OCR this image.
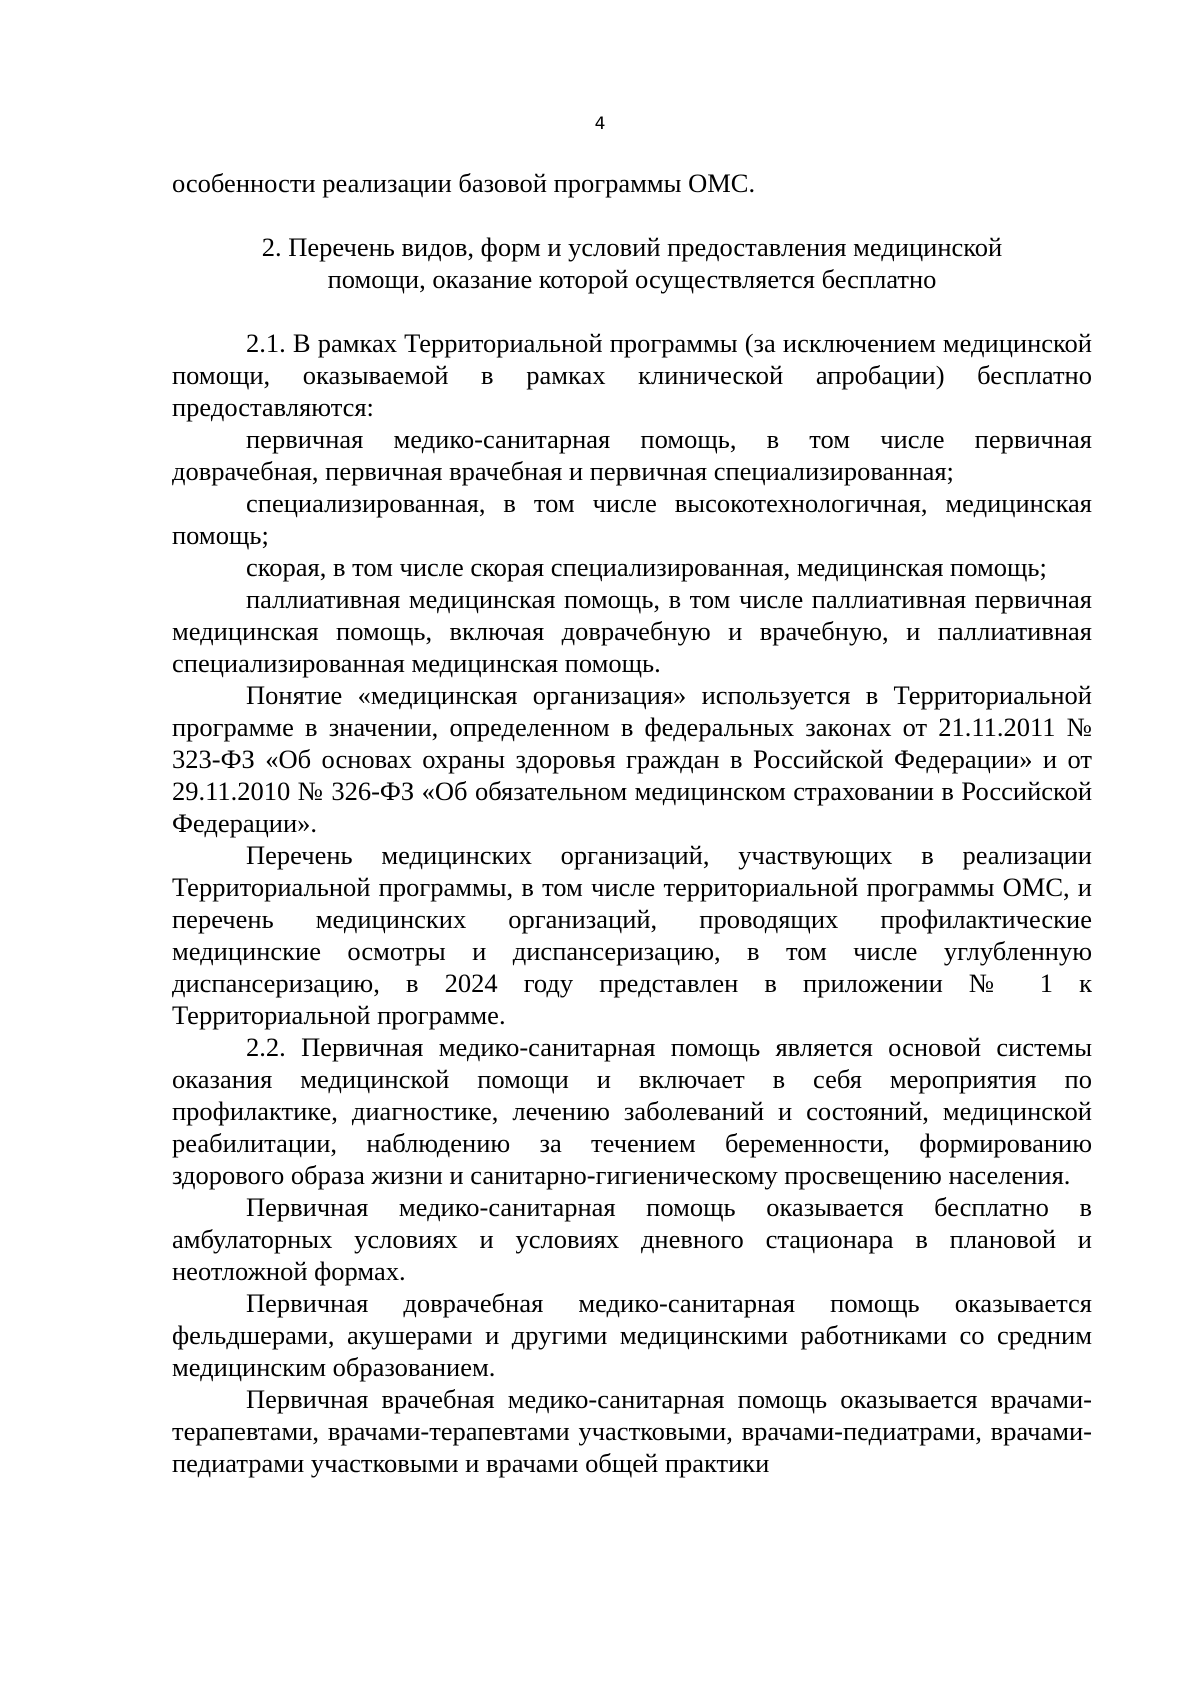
4

особенности реализации базовой программы ОМС.

2. Перечень видов, форм и условий предоставления медицинской помощи, оказание которой осуществляется бесплатно

2.1. В рамках Территориальной программы (за исключением медицинской помощи, оказываемой в рамках клинической апробации) бесплатно предоставляются:

первичная медико-санитарная помощь, в том числе первичная доврачебная, первичная врачебная и первичная специализированная;

специализированная, в том числе высокотехнологичная, медицинская помощь;

скорая, в том числе скорая специализированная, медицинская помощь;

паллиативная медицинская помощь, в том числе паллиативная первичная медицинская помощь, включая доврачебную и врачебную, и паллиативная специализированная медицинская помощь.

Понятие «медицинская организация» используется в Территориальной программе в значении, определенном в федеральных законах от 21.11.2011 № 323-ФЗ «Об основах охраны здоровья граждан в Российской Федерации» и от 29.11.2010 № 326-ФЗ «Об обязательном медицинском страховании в Российской Федерации».

Перечень медицинских организаций, участвующих в реализации Территориальной программы, в том числе территориальной программы ОМС, и перечень медицинских организаций, проводящих профилактические медицинские осмотры и диспансеризацию, в том числе углубленную диспансеризацию, в 2024 году представлен в приложении № 1 к Территориальной программе.

2.2. Первичная медико-санитарная помощь является основой системы оказания медицинской помощи и включает в себя мероприятия по профилактике, диагностике, лечению заболеваний и состояний, медицинской реабилитации, наблюдению за течением беременности, формированию здорового образа жизни и санитарно-гигиеническому просвещению населения.

Первичная медико-санитарная помощь оказывается бесплатно в амбулаторных условиях и условиях дневного стационара в плановой и неотложной формах.

Первичная доврачебная медико-санитарная помощь оказывается фельдшерами, акушерами и другими медицинскими работниками со средним медицинским образованием.

Первичная врачебная медико-санитарная помощь оказывается врачами-терапевтами, врачами-терапевтами участковыми, врачами-педиатрами, врачами-педиатрами участковыми и врачами общей практики
